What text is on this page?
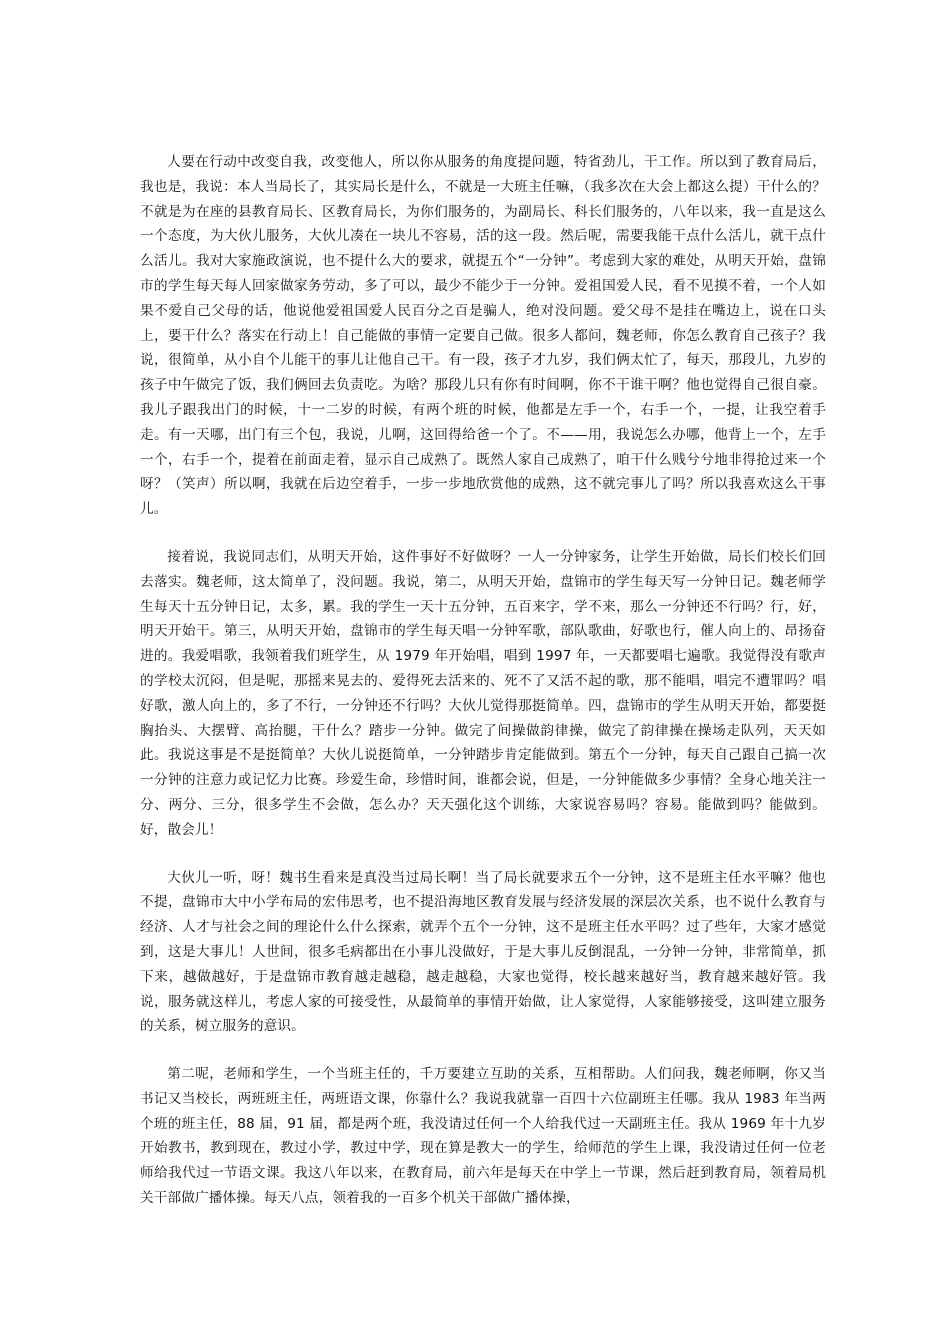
人要在行动中改变自我，改变他人，所以你从服务的角度提问题，特省劲儿，干工作。所以到了教育局后，我也是，我说：本人当局长了，其实局长是什么，不就是一大班主任嘛，（我多次在大会上都这么提）干什么的？不就是为在座的县教育局长、区教育局长，为你们服务的，为副局长、科长们服务的，八年以来，我一直是这么一个态度，为大伙儿服务，大伙儿凑在一块儿不容易，活的这一段。然后呢，需要我能干点什么活儿，就干点什么活儿。我对大家施政演说，也不提什么大的要求，就提五个“一分钟”。考虑到大家的难处，从明天开始，盘锦市的学生每天每人回家做家务劳动，多了可以，最少不能少于一分钟。爱祖国爱人民，看不见摸不着，一个人如果不爱自己父母的话，他说他爱祖国爱人民百分之百是骗人，绝对没问题。爱父母不是挂在嘴边上，说在口头上，要干什么？落实在行动上！自己能做的事情一定要自己做。很多人都问，魏老师，你怎么教育自己孩子？我说，很简单，从小自个儿能干的事儿让他自己干。有一段，孩子才九岁，我们俩太忙了，每天，那段儿，九岁的孩子中午做完了饭，我们俩回去负责吃。为啥？那段儿只有你有时间啊，你不干谁干啊？他也觉得自己很自豪。我儿子跟我出门的时候，十一二岁的时候，有两个班的时候，他都是左手一个，右手一个，一提，让我空着手走。有一天哪，出门有三个包，我说，儿啊，这回得给爸一个了。不——用，我说怎么办哪，他背上一个，左手一个，右手一个，提着在前面走着，显示自己成熟了。既然人家自己成熟了，咱干什么贱兮兮地非得抢过来一个呀？（笑声）所以啊，我就在后边空着手，一步一步地欣赏他的成熟，这不就完事儿了吗？所以我喜欢这么干事儿。

接着说，我说同志们，从明天开始，这件事好不好做呀？一人一分钟家务，让学生开始做，局长们校长们回去落实。魏老师，这太简单了，没问题。我说，第二，从明天开始，盘锦市的学生每天写一分钟日记。魏老师学生每天十五分钟日记，太多，累。我的学生一天十五分钟，五百来字，学不来，那么一分钟还不行吗？行，好，明天开始干。第三，从明天开始，盘锦市的学生每天唱一分钟军歌，部队歌曲，好歌也行，催人向上的、昂扬奋进的。我爱唱歌，我领着我们班学生，从 1979 年开始唱，唱到 1997 年，一天都要唱七遍歌。我觉得没有歌声的学校太沉闷，但是呢，那摇来晃去的、爱得死去活来的、死不了又活不起的歌，那不能唱，唱完不遭罪吗？唱好歌，激人向上的，多了不行，一分钟还不行吗？大伙儿觉得那挺简单。四，盘锦市的学生从明天开始，都要挺胸抬头、大摆臂、高抬腿，干什么？踏步一分钟。做完了间操做韵律操，做完了韵律操在操场走队列，天天如此。我说这事是不是挺简单？大伙儿说挺简单，一分钟踏步肯定能做到。第五个一分钟，每天自己跟自己搞一次一分钟的注意力或记忆力比赛。珍爱生命，珍惜时间，谁都会说，但是，一分钟能做多少事情？全身心地关注一分、两分、三分，很多学生不会做，怎么办？天天强化这个训练，大家说容易吗？容易。能做到吗？能做到。好，散会儿！

大伙儿一听，呀！魏书生看来是真没当过局长啊！当了局长就要求五个一分钟，这不是班主任水平嘛？他也不提，盘锦市大中小学布局的宏伟思考，也不提沿海地区教育发展与经济发展的深层次关系，也不说什么教育与经济、人才与社会之间的理论什么什么探索，就弄个五个一分钟，这不是班主任水平吗？过了些年，大家才感觉到，这是大事儿！人世间，很多毛病都出在小事儿没做好，于是大事儿反倒混乱，一分钟一分钟，非常简单，抓下来，越做越好，于是盘锦市教育越走越稳，越走越稳，大家也觉得，校长越来越好当，教育越来越好管。我说，服务就这样儿，考虑人家的可接受性，从最简单的事情开始做，让人家觉得，人家能够接受，这叫建立服务的关系，树立服务的意识。

第二呢，老师和学生，一个当班主任的，千万要建立互助的关系，互相帮助。人们问我，魏老师啊，你又当书记又当校长，两班班主任，两班语文课，你靠什么？我说我就靠一百四十六位副班主任哪。我从 1983 年当两个班的班主任，88 届，91 届，都是两个班，我没请过任何一个人给我代过一天副班主任。我从 1969 年十九岁开始教书，教到现在，教过小学，教过中学，现在算是教大一的学生，给师范的学生上课，我没请过任何一位老师给我代过一节语文课。我这八年以来，在教育局，前六年是每天在中学上一节课，然后赶到教育局，领着局机关干部做广播体操。每天八点，领着我的一百多个机关干部做广播体操，
